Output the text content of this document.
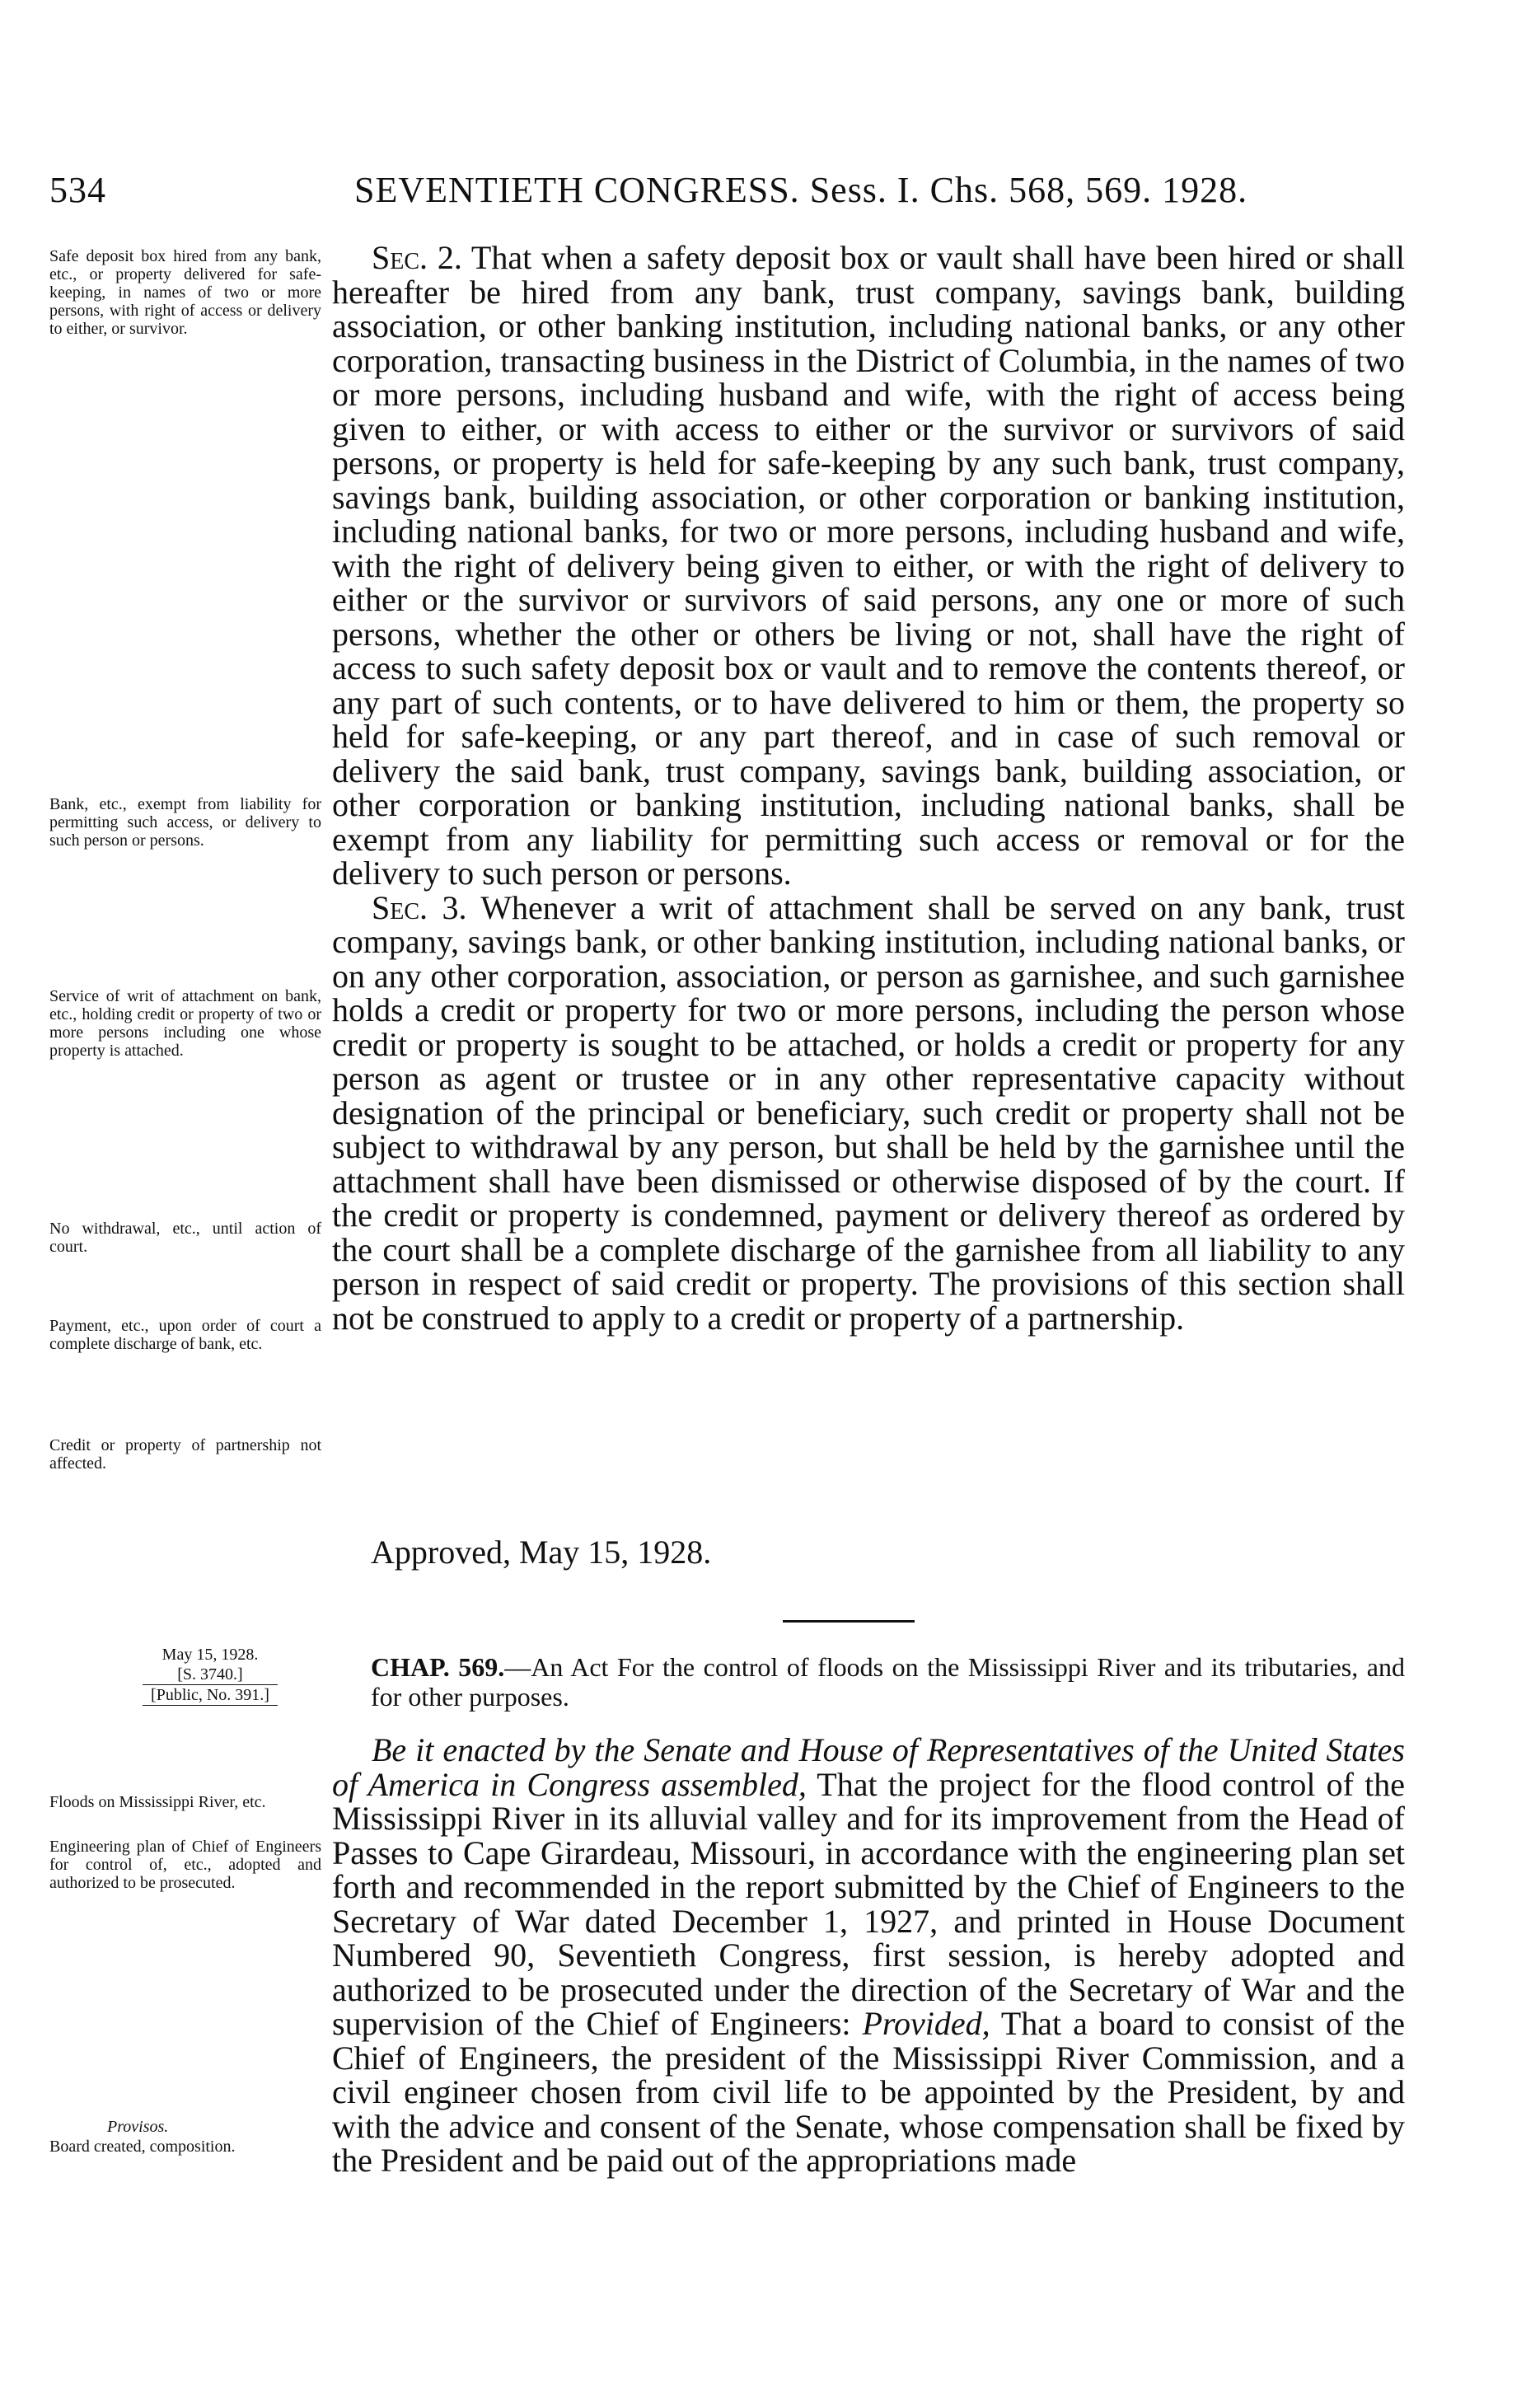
534	SEVENTIETH CONGRESS. Sess. I. Chs. 568, 569. 1928.
Safe deposit box hired from any bank, etc., or property delivered for safe-keeping, in names of two or more persons, with right of access or delivery to either, or survivor.
Bank, etc., exempt from liability for permitting such access, or delivery to such person or persons.
Service of writ of attachment on bank, etc., holding credit or property of two or more persons including one whose property is attached.
No withdrawal, etc., until action of court.
Payment, etc., upon order of court a complete discharge of bank, etc.
Credit or property of partnership not affected.

Sec. 2. That when a safety deposit box or vault shall have been hired or shall hereafter be hired from any bank, trust company, savings bank, building association, or other banking institution, including national banks, or any other corporation, transacting business in the District of Columbia, in the names of two or more persons, including husband and wife, with the right of access being given to either, or with access to either or the survivor or survivors of said persons, or property is held for safe-keeping by any such bank, trust company, savings bank, building association, or other corporation or banking institution, including national banks, for two or more persons, including husband and wife, with the right of delivery being given to either, or with the right of delivery to either or the survivor or survivors of said persons, any one or more of such persons, whether the other or others be living or not, shall have the right of access to such safety deposit box or vault and to remove the contents thereof, or any part of such contents, or to have delivered to him or them, the property so held for safe-keeping, or any part thereof, and in case of such removal or delivery the said bank, trust company, savings bank, building association, or other corporation or banking institution, including national banks, shall be exempt from any liability for permitting such access or removal or for the delivery to such person or persons.

Sec. 3. Whenever a writ of attachment shall be served on any bank, trust company, savings bank, or other banking institution, including national banks, or on any other corporation, association, or person as garnishee, and such garnishee holds a credit or property for two or more persons, including the person whose credit or property is sought to be attached, or holds a credit or property for any person as agent or trustee or in any other representative capacity without designation of the principal or beneficiary, such credit or property shall not be subject to withdrawal by any person, but shall be held by the garnishee until the attachment shall have been dismissed or otherwise disposed of by the court. If the credit or property is condemned, payment or delivery thereof as ordered by the court shall be a complete discharge of the garnishee from all liability to any person in respect of said credit or property. The provisions of this section shall not be construed to apply to a credit or property of a partnership.

Approved, May 15, 1928.
May 15, 1928.
[S. 3740.]
[Public, No. 391.]
CHAP. 569.—An Act For the control of floods on the Mississippi River and its tributaries, and for other purposes.
Floods on Mississippi River, etc.
Engineering plan of Chief of Engineers for control of, etc., adopted and authorized to be prosecuted.
Provisos.
Board created, composition.

Be it enacted by the Senate and House of Representatives of the United States of America in Congress assembled, That the project for the flood control of the Mississippi River in its alluvial valley and for its improvement from the Head of Passes to Cape Girardeau, Missouri, in accordance with the engineering plan set forth and recommended in the report submitted by the Chief of Engineers to the Secretary of War dated December 1, 1927, and printed in House Document Numbered 90, Seventieth Congress, first session, is hereby adopted and authorized to be prosecuted under the direction of the Secretary of War and the supervision of the Chief of Engineers: Provided, That a board to consist of the Chief of Engineers, the president of the Mississippi River Commission, and a civil engineer chosen from civil life to be appointed by the President, by and with the advice and consent of the Senate, whose compensation shall be fixed by the President and be paid out of the appropriations made
